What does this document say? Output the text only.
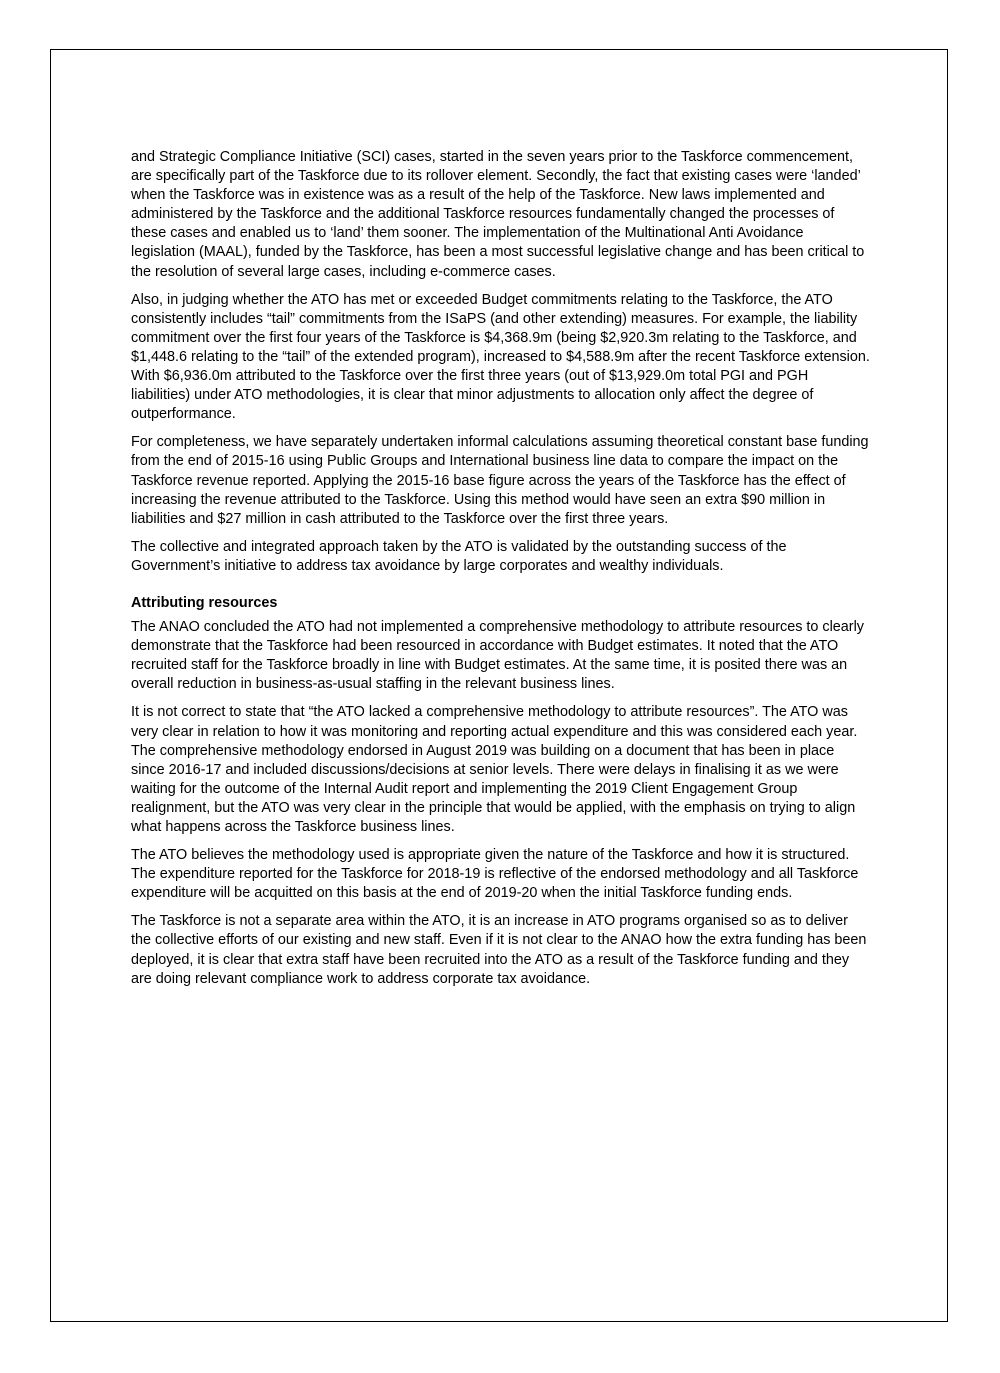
and Strategic Compliance Initiative (SCI) cases, started in the seven years prior to the Taskforce commencement, are specifically part of the Taskforce due to its rollover element. Secondly, the fact that existing cases were ‘landed’ when the Taskforce was in existence was as a result of the help of the Taskforce. New laws implemented and administered by the Taskforce and the additional Taskforce resources fundamentally changed the processes of these cases and enabled us to ‘land’ them sooner. The implementation of the Multinational Anti Avoidance legislation (MAAL), funded by the Taskforce, has been a most successful legislative change and has been critical to the resolution of several large cases, including e-commerce cases.

Also, in judging whether the ATO has met or exceeded Budget commitments relating to the Taskforce, the ATO consistently includes “tail” commitments from the ISaPS (and other extending) measures. For example, the liability commitment over the first four years of the Taskforce is $4,368.9m (being $2,920.3m relating to the Taskforce, and $1,448.6 relating to the “tail” of the extended program), increased to $4,588.9m after the recent Taskforce extension. With $6,936.0m attributed to the Taskforce over the first three years (out of $13,929.0m total PGI and PGH liabilities) under ATO methodologies, it is clear that minor adjustments to allocation only affect the degree of outperformance.

For completeness, we have separately undertaken informal calculations assuming theoretical constant base funding from the end of 2015-16 using Public Groups and International business line data to compare the impact on the Taskforce revenue reported. Applying the 2015-16 base figure across the years of the Taskforce has the effect of increasing the revenue attributed to the Taskforce. Using this method would have seen an extra $90 million in liabilities and $27 million in cash attributed to the Taskforce over the first three years.

The collective and integrated approach taken by the ATO is validated by the outstanding success of the Government’s initiative to address tax avoidance by large corporates and wealthy individuals.

Attributing resources

The ANAO concluded the ATO had not implemented a comprehensive methodology to attribute resources to clearly demonstrate that the Taskforce had been resourced in accordance with Budget estimates. It noted that the ATO recruited staff for the Taskforce broadly in line with Budget estimates. At the same time, it is posited there was an overall reduction in business-as-usual staffing in the relevant business lines.

It is not correct to state that “the ATO lacked a comprehensive methodology to attribute resources”. The ATO was very clear in relation to how it was monitoring and reporting actual expenditure and this was considered each year. The comprehensive methodology endorsed in August 2019 was building on a document that has been in place since 2016-17 and included discussions/decisions at senior levels. There were delays in finalising it as we were waiting for the outcome of the Internal Audit report and implementing the 2019 Client Engagement Group realignment, but the ATO was very clear in the principle that would be applied, with the emphasis on trying to align what happens across the Taskforce business lines.

The ATO believes the methodology used is appropriate given the nature of the Taskforce and how it is structured. The expenditure reported for the Taskforce for 2018-19 is reflective of the endorsed methodology and all Taskforce expenditure will be acquitted on this basis at the end of 2019-20 when the initial Taskforce funding ends.

The Taskforce is not a separate area within the ATO, it is an increase in ATO programs organised so as to deliver the collective efforts of our existing and new staff. Even if it is not clear to the ANAO how the extra funding has been deployed, it is clear that extra staff have been recruited into the ATO as a result of the Taskforce funding and they are doing relevant compliance work to address corporate tax avoidance.
